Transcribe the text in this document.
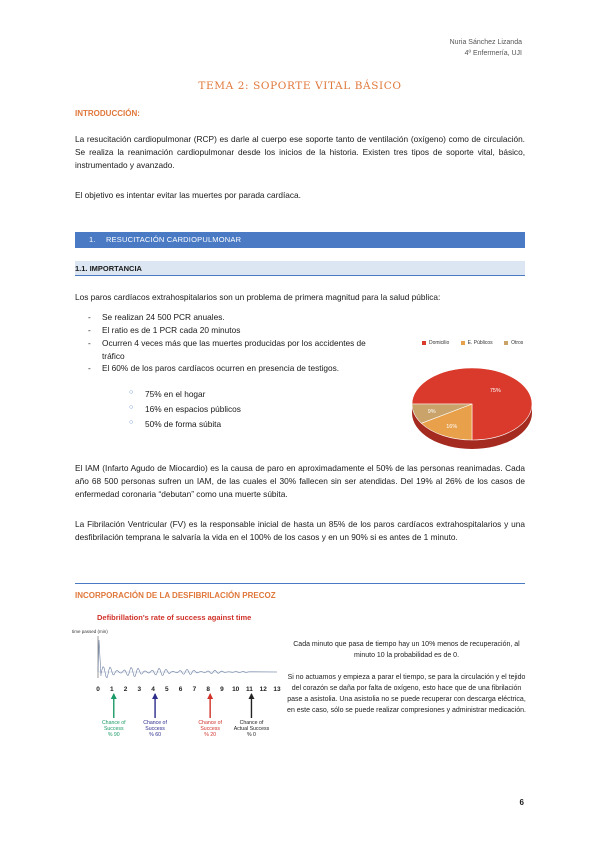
Nuria Sánchez Lizanda
4º Enfermería, UJI
TEMA 2: SOPORTE VITAL BÁSICO
INTRODUCCIÓN:
La resucitación cardiopulmonar (RCP) es darle al cuerpo ese soporte tanto de ventilación (oxígeno) como de circulación. Se realiza la reanimación cardiopulmonar desde los inicios de la historia. Existen tres tipos de soporte vital, básico, instrumentado y avanzado.
El objetivo es intentar evitar las muertes por parada cardíaca.
1. RESUCITACIÓN CARDIOPULMONAR
1.1. IMPORTANCIA
Los paros cardíacos extrahospitalarios son un problema de primera magnitud para la salud pública:
- Se realizan 24 500 PCR anuales.
- El ratio es de 1 PCR cada 20 minutos
- Ocurren 4 veces más que las muertes producidas por los accidentes de tráfico
- El 60% de los paros cardíacos ocurren en presencia de testigos.
○ 75% en el hogar
○ 16% en espacios públicos
○ 50% de forma súbita
Domicilio	E. Públicos	Otros
75%
16%
9%
El IAM (Infarto Agudo de Miocardio) es la causa de paro en aproximadamente el 50% de las personas reanimadas. Cada año 68 500 personas sufren un IAM, de las cuales el 30% fallecen sin ser atendidas. Del 19% al 26% de los casos de enfermedad coronaria “debutan” como una muerte súbita.
La Fibrilación Ventricular (FV) es la responsable inicial de hasta un 85% de los paros cardíacos extrahospitalarios y una desfibrilación temprana le salvaría la vida en el 100% de los casos y en un 90% si es antes de 1 minuto.
INCORPORACIÓN DE LA DESFIBRILACIÓN PRECOZ
Defibrillation's rate of success against time
time passed (min)
0 1 2 3 4 5 6 7 8 9 10 11 12 13
Chance of
Success
% 90
Chance of
Success
% 60
Chance of
Success
% 20
Chance of
Actual Success
% 0
Cada minuto que pasa de tiempo hay un 10% menos de recuperación, al minuto 10 la probabilidad es de 0.
Si no actuamos y empieza a parar el tiempo, se para la circulación y el tejido del corazón se daña por falta de oxígeno, esto hace que de una fibrilación pase a asistolia. Una asistolia no se puede recuperar con descarga eléctrica, en este caso, sólo se puede realizar compresiones y administrar medicación.
6
